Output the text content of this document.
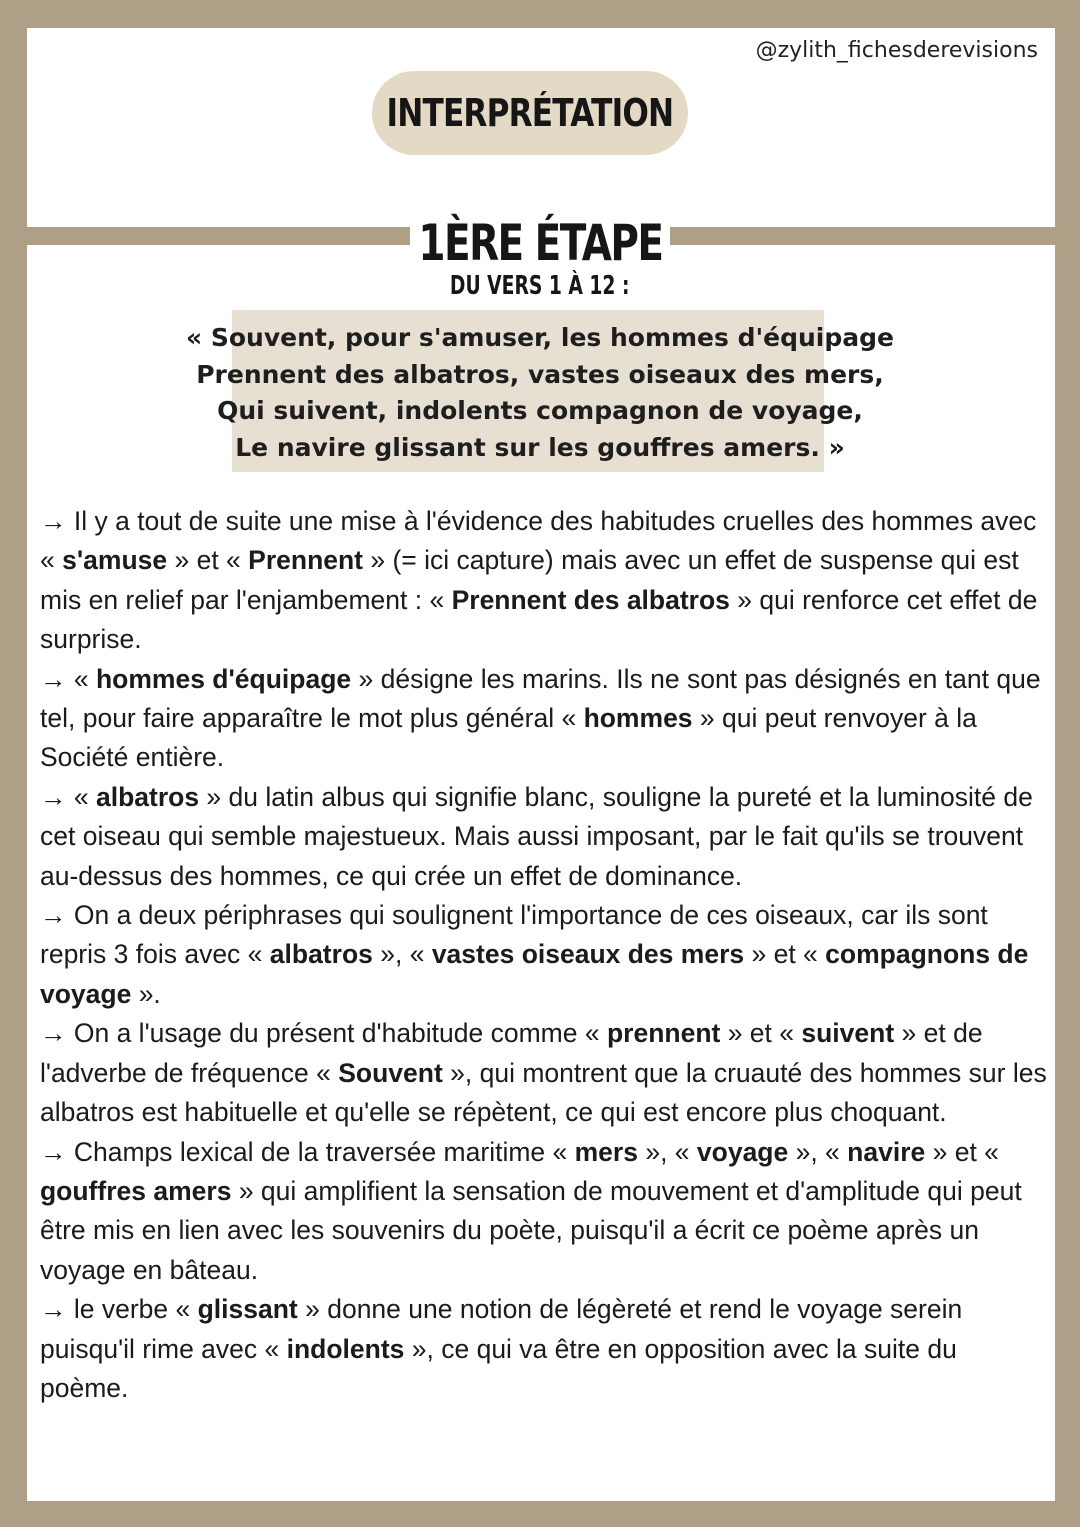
@zylith_fichesderevisions
INTERPRÉTATION
1ÈRE ÉTAPE
DU VERS 1 À 12 :
« Souvent, pour s'amuser, les hommes d'équipage
Prennent des albatros, vastes oiseaux des mers,
Qui suivent, indolents compagnon de voyage,
Le navire glissant sur les gouffres amers. »

→ Il y a tout de suite une mise à l'évidence des habitudes cruelles des hommes avec « s'amuse » et « Prennent » (= ici capture) mais avec un effet de suspense qui est mis en relief par l'enjambement : « Prennent des albatros » qui renforce cet effet de surprise.

→ « hommes d'équipage » désigne les marins. Ils ne sont pas désignés en tant que tel, pour faire apparaître le mot plus général « hommes » qui peut renvoyer à la Société entière.

→ « albatros » du latin albus qui signifie blanc, souligne la pureté et la luminosité de cet oiseau qui semble majestueux. Mais aussi imposant, par le fait qu'ils se trouvent au-dessus des hommes, ce qui crée un effet de dominance.

→ On a deux périphrases qui soulignent l'importance de ces oiseaux, car ils sont repris 3 fois avec « albatros », « vastes oiseaux des mers » et « compagnons de voyage ».

→ On a l'usage du présent d'habitude comme « prennent » et « suivent » et de l'adverbe de fréquence « Souvent », qui montrent que la cruauté des hommes sur les albatros est habituelle et qu'elle se répètent, ce qui est encore plus choquant.

→ Champs lexical de la traversée maritime « mers », « voyage », « navire » et « gouffres amers » qui amplifient la sensation de mouvement et d'amplitude qui peut être mis en lien avec les souvenirs du poète, puisqu'il a écrit ce poème après un voyage en bâteau.

→ le verbe « glissant » donne une notion de légèreté et rend le voyage serein puisqu'il rime avec « indolents », ce qui va être en opposition avec la suite du poème.
